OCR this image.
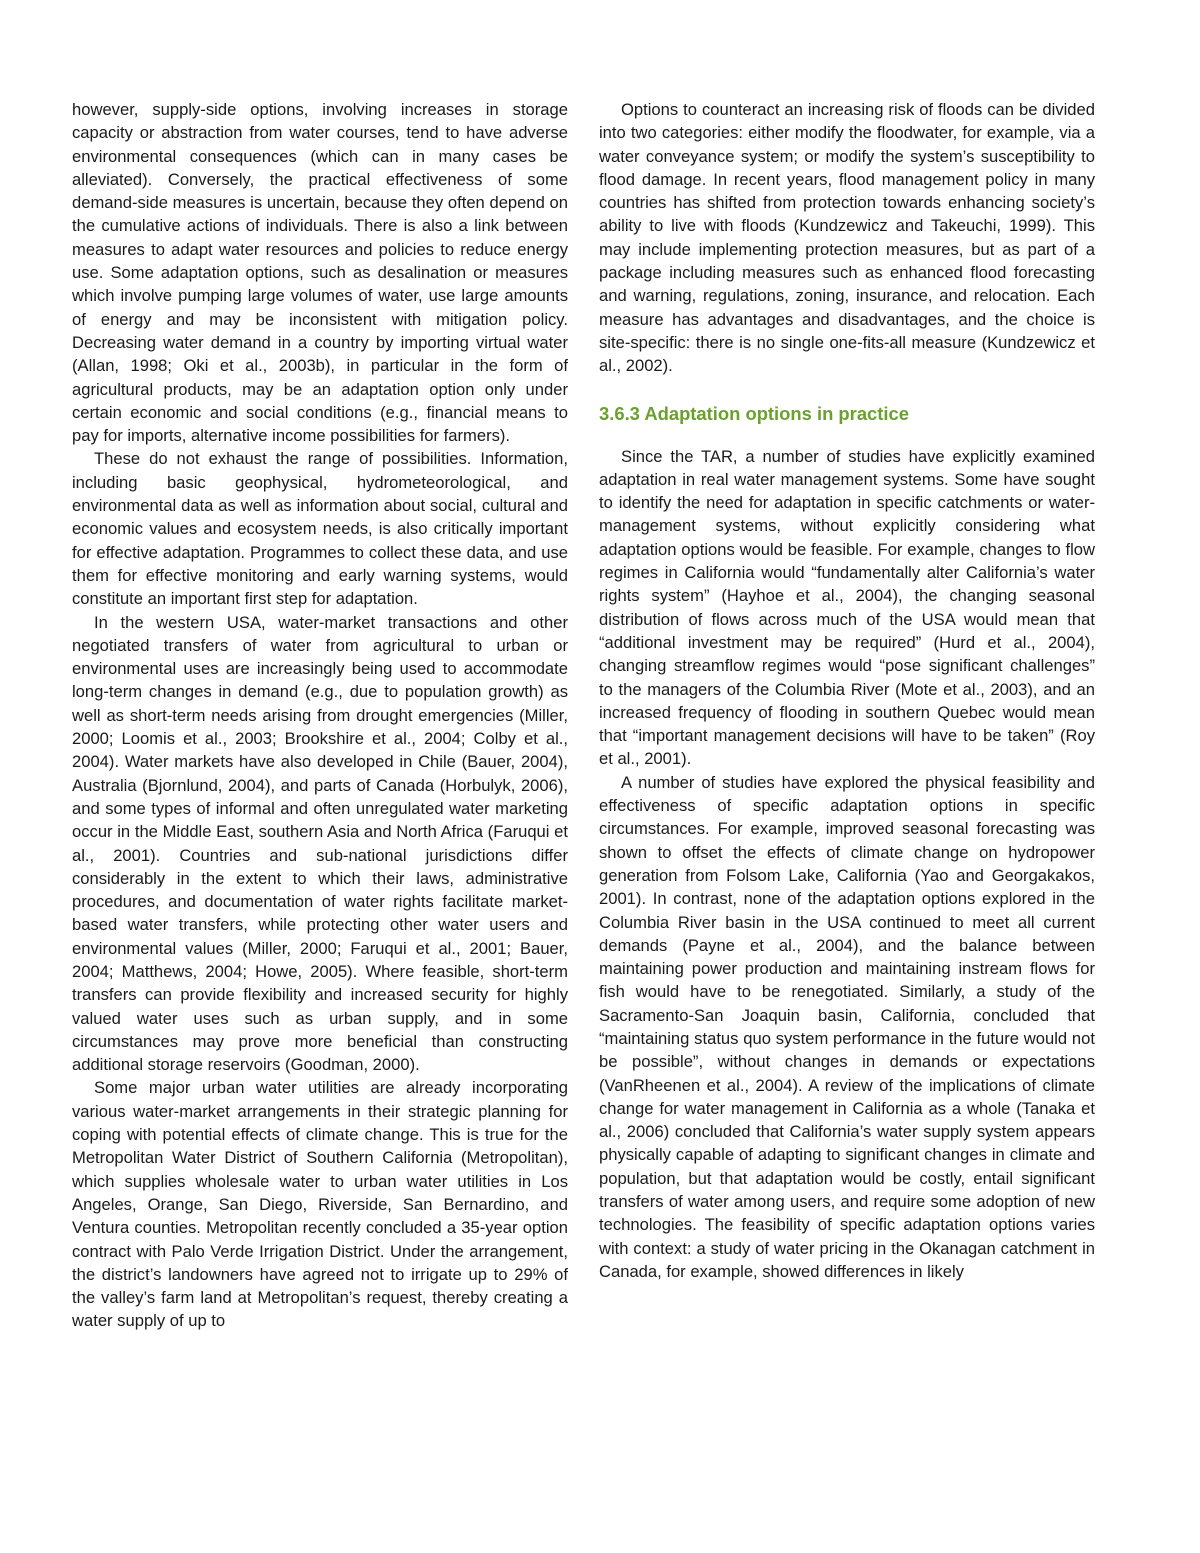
however, supply-side options, involving increases in storage capacity or abstraction from water courses, tend to have adverse environmental consequences (which can in many cases be alleviated). Conversely, the practical effectiveness of some demand-side measures is uncertain, because they often depend on the cumulative actions of individuals. There is also a link between measures to adapt water resources and policies to reduce energy use. Some adaptation options, such as desalination or measures which involve pumping large volumes of water, use large amounts of energy and may be inconsistent with mitigation policy. Decreasing water demand in a country by importing virtual water (Allan, 1998; Oki et al., 2003b), in particular in the form of agricultural products, may be an adaptation option only under certain economic and social conditions (e.g., financial means to pay for imports, alternative income possibilities for farmers).

These do not exhaust the range of possibilities. Information, including basic geophysical, hydrometeorological, and environmental data as well as information about social, cultural and economic values and ecosystem needs, is also critically important for effective adaptation. Programmes to collect these data, and use them for effective monitoring and early warning systems, would constitute an important first step for adaptation.

In the western USA, water-market transactions and other negotiated transfers of water from agricultural to urban or environmental uses are increasingly being used to accommodate long-term changes in demand (e.g., due to population growth) as well as short-term needs arising from drought emergencies (Miller, 2000; Loomis et al., 2003; Brookshire et al., 2004; Colby et al., 2004). Water markets have also developed in Chile (Bauer, 2004), Australia (Bjornlund, 2004), and parts of Canada (Horbulyk, 2006), and some types of informal and often unregulated water marketing occur in the Middle East, southern Asia and North Africa (Faruqui et al., 2001). Countries and sub-national jurisdictions differ considerably in the extent to which their laws, administrative procedures, and documentation of water rights facilitate market-based water transfers, while protecting other water users and environmental values (Miller, 2000; Faruqui et al., 2001; Bauer, 2004; Matthews, 2004; Howe, 2005). Where feasible, short-term transfers can provide flexibility and increased security for highly valued water uses such as urban supply, and in some circumstances may prove more beneficial than constructing additional storage reservoirs (Goodman, 2000).

Some major urban water utilities are already incorporating various water-market arrangements in their strategic planning for coping with potential effects of climate change. This is true for the Metropolitan Water District of Southern California (Metropolitan), which supplies wholesale water to urban water utilities in Los Angeles, Orange, San Diego, Riverside, San Bernardino, and Ventura counties. Metropolitan recently concluded a 35-year option contract with Palo Verde Irrigation District. Under the arrangement, the district’s landowners have agreed not to irrigate up to 29% of the valley’s farm land at Metropolitan’s request, thereby creating a water supply of up to

Options to counteract an increasing risk of floods can be divided into two categories: either modify the floodwater, for example, via a water conveyance system; or modify the system’s susceptibility to flood damage. In recent years, flood management policy in many countries has shifted from protection towards enhancing society’s ability to live with floods (Kundzewicz and Takeuchi, 1999). This may include implementing protection measures, but as part of a package including measures such as enhanced flood forecasting and warning, regulations, zoning, insurance, and relocation. Each measure has advantages and disadvantages, and the choice is site-specific: there is no single one-fits-all measure (Kundzewicz et al., 2002).

3.6.3 Adaptation options in practice

Since the TAR, a number of studies have explicitly examined adaptation in real water management systems. Some have sought to identify the need for adaptation in specific catchments or water-management systems, without explicitly considering what adaptation options would be feasible. For example, changes to flow regimes in California would “fundamentally alter California’s water rights system” (Hayhoe et al., 2004), the changing seasonal distribution of flows across much of the USA would mean that “additional investment may be required” (Hurd et al., 2004), changing streamflow regimes would “pose significant challenges” to the managers of the Columbia River (Mote et al., 2003), and an increased frequency of flooding in southern Quebec would mean that “important management decisions will have to be taken” (Roy et al., 2001).

A number of studies have explored the physical feasibility and effectiveness of specific adaptation options in specific circumstances. For example, improved seasonal forecasting was shown to offset the effects of climate change on hydropower generation from Folsom Lake, California (Yao and Georgakakos, 2001). In contrast, none of the adaptation options explored in the Columbia River basin in the USA continued to meet all current demands (Payne et al., 2004), and the balance between maintaining power production and maintaining instream flows for fish would have to be renegotiated. Similarly, a study of the Sacramento-San Joaquin basin, California, concluded that “maintaining status quo system performance in the future would not be possible”, without changes in demands or expectations (VanRheenen et al., 2004). A review of the implications of climate change for water management in California as a whole (Tanaka et al., 2006) concluded that California’s water supply system appears physically capable of adapting to significant changes in climate and population, but that adaptation would be costly, entail significant transfers of water among users, and require some adoption of new technologies. The feasibility of specific adaptation options varies with context: a study of water pricing in the Okanagan catchment in Canada, for example, showed differences in likely
